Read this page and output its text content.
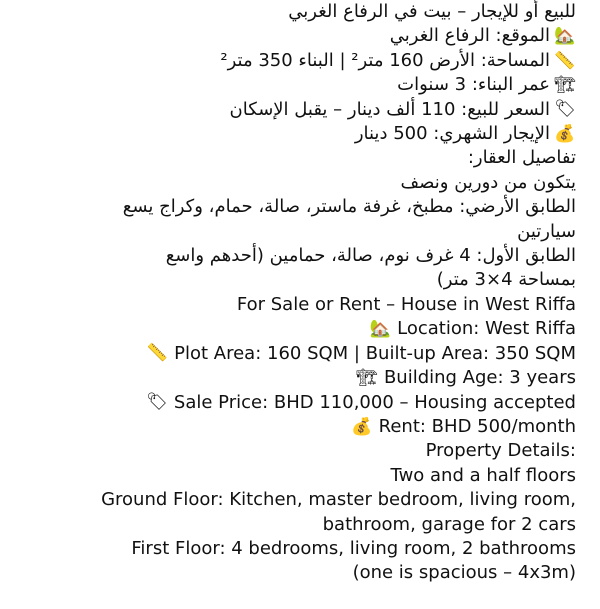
للبيع أو للإيجار – بيت في الرفاع الغربي
🏡
الموقع: الرفاع الغربي
📏
المساحة: الأرض 160 متر² | البناء 350 متر²
🏗
عمر البناء: 3 سنوات
🏷
السعر للبيع: 110 ألف دينار – يقبل الإسكان
💰
الإيجار الشهري: 500 دينار
تفاصيل العقار:
يتكون من دورين ونصف
الطابق الأرضي: مطبخ، غرفة ماستر، صالة، حمام، وكراج يسع
سيارتين
الطابق الأول: 4 غرف نوم، صالة، حمامين (أحدهم واسع
بمساحة 4×3 متر)
For Sale or Rent – House in West Riffa
🏡 Location: West Riffa
📏 Plot Area: 160 SQM | Built-up Area: 350 SQM
🏗 Building Age: 3 years
🏷 Sale Price: BHD 110,000 – Housing accepted
💰 Rent: BHD 500/month
Property Details:
Two and a half floors
Ground Floor: Kitchen, master bedroom, living room,
bathroom, garage for 2 cars
First Floor: 4 bedrooms, living room, 2 bathrooms
(one is spacious – 4x3m)
